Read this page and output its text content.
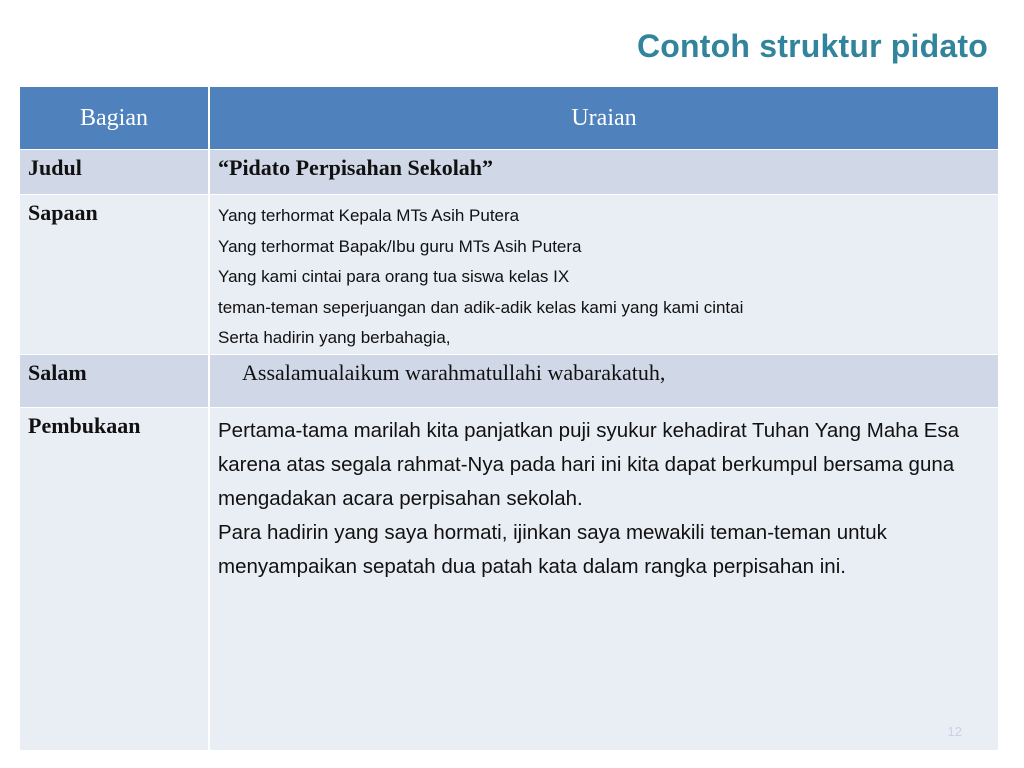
Contoh struktur pidato
Bagian	Uraian

Judul	“Pidato Perpisahan Sekolah”

Sapaan	Yang terhormat Kepala MTs Asih Putera
Yang terhormat Bapak/Ibu guru MTs Asih Putera
Yang kami cintai para orang tua siswa kelas IX
teman-teman seperjuangan dan adik-adik kelas kami yang kami cintai
Serta hadirin yang berbahagia,

Salam	Assalamualaikum warahmatullahi wabarakatuh,

Pembukaan	Pertama-tama marilah kita panjatkan puji syukur kehadirat Tuhan Yang Maha Esa karena atas segala rahmat-Nya pada hari ini kita dapat berkumpul bersama guna mengadakan acara perpisahan sekolah.

Para hadirin yang saya hormati, ijinkan saya mewakili teman-teman untuk menyampaikan sepatah dua patah kata dalam rangka perpisahan ini.

12
